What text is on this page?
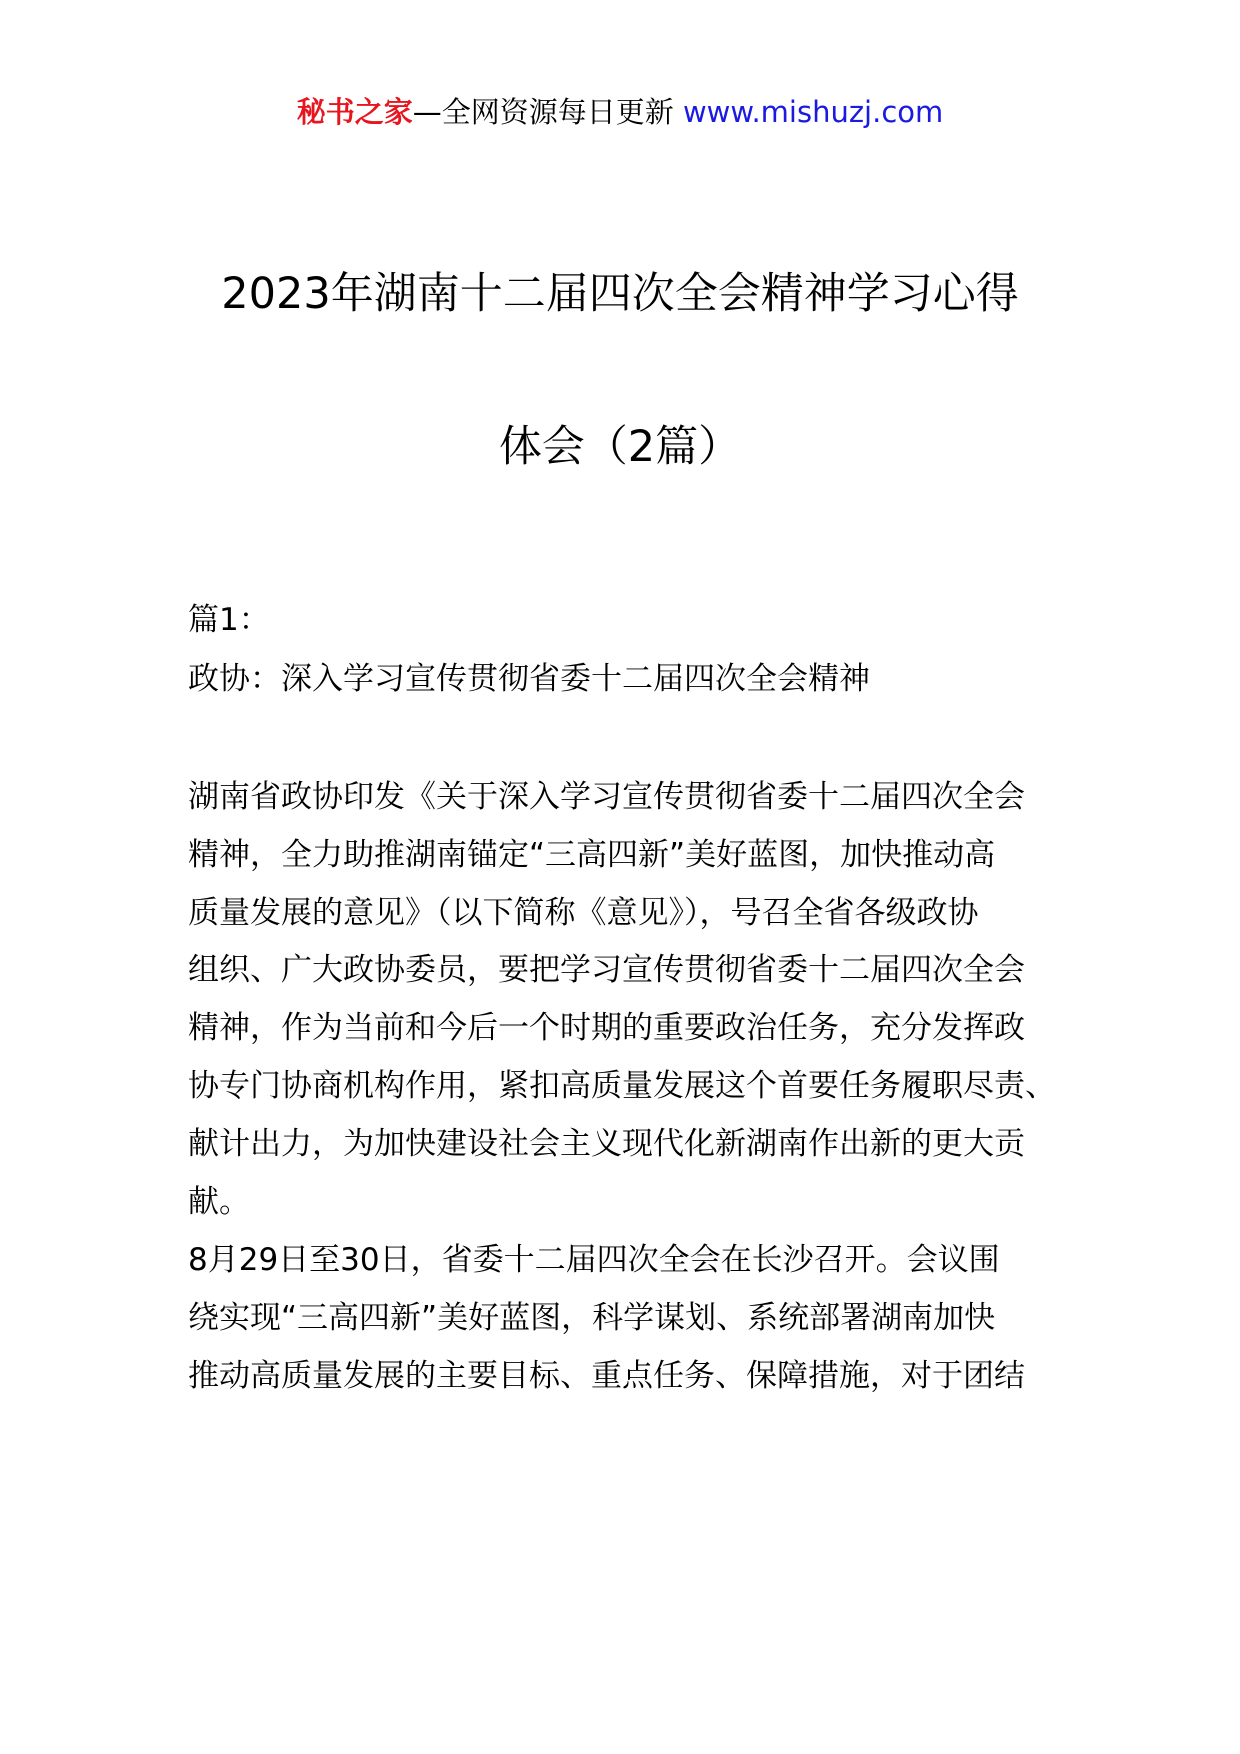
秘书之家—全网资源每日更新 www.mishuzj.com
2023年湖南十二届四次全会精神学习心得
体会（2篇）
篇1：
政协：深入学习宣传贯彻省委十二届四次全会精神
湖南省政协印发《关于深入学习宣传贯彻省委十二届四次全会
精神，全力助推湖南锚定“三高四新”美好蓝图，加快推动高
质量发展的意见》（以下简称《意见》），号召全省各级政协
组织、广大政协委员，要把学习宣传贯彻省委十二届四次全会
精神，作为当前和今后一个时期的重要政治任务，充分发挥政
协专门协商机构作用，紧扣高质量发展这个首要任务履职尽责、
献计出力，为加快建设社会主义现代化新湖南作出新的更大贡
献。
8月29日至30日，省委十二届四次全会在长沙召开。会议围
绕实现“三高四新”美好蓝图，科学谋划、系统部署湖南加快
推动高质量发展的主要目标、重点任务、保障措施，对于团结
